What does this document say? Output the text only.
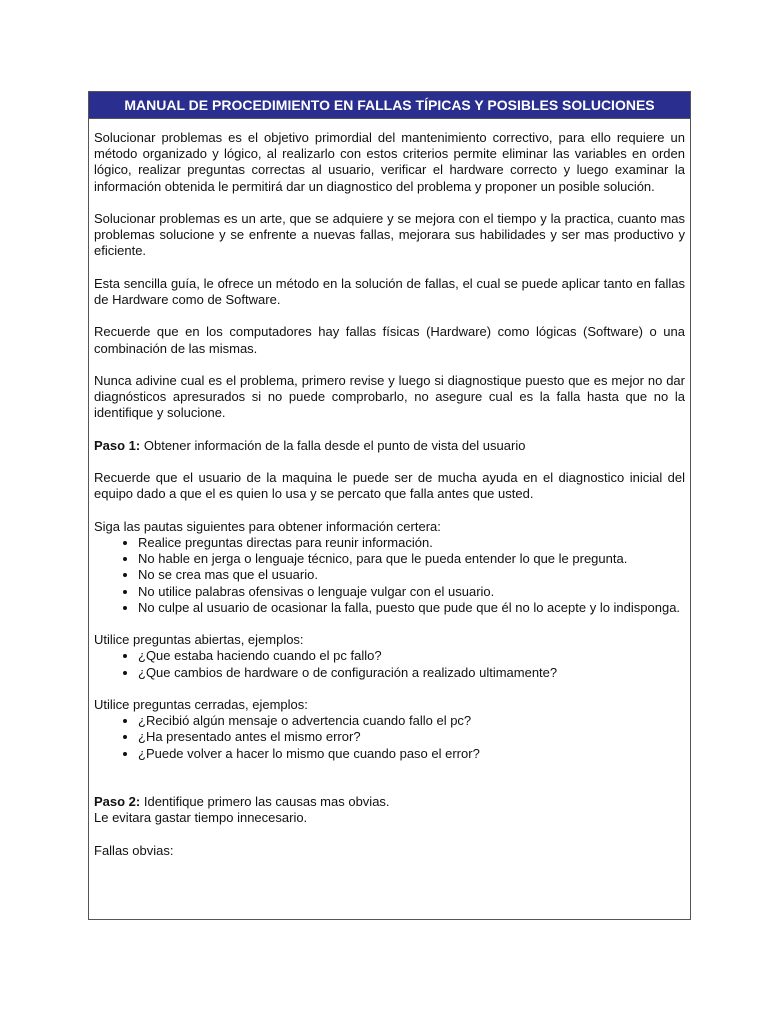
MANUAL DE PROCEDIMIENTO EN FALLAS TÍPICAS Y POSIBLES SOLUCIONES

Solucionar problemas es el objetivo primordial del mantenimiento correctivo, para ello requiere un método organizado y lógico, al realizarlo con estos criterios permite eliminar las variables en orden lógico, realizar preguntas correctas al usuario, verificar el hardware correcto y luego examinar la información obtenida le permitirá dar un diagnostico del problema y proponer un posible solución.

Solucionar problemas es un arte, que se adquiere y se mejora con el tiempo y la practica, cuanto mas problemas solucione y se enfrente a nuevas fallas, mejorara sus habilidades y ser mas productivo y eficiente.

Esta sencilla guía, le ofrece un método en la solución de fallas, el cual se puede aplicar tanto en fallas de Hardware como de Software.

Recuerde que en los computadores hay fallas físicas (Hardware) como lógicas (Software) o una combinación de las mismas.

Nunca adivine cual es el problema, primero revise y luego si diagnostique puesto que es mejor no dar diagnósticos apresurados si no puede comprobarlo, no asegure cual es la falla hasta que no la identifique y solucione.

Paso 1: Obtener información de la falla desde el punto de vista del usuario

Recuerde que el usuario de la maquina le puede ser de mucha ayuda en el diagnostico inicial del equipo dado a que el es quien lo usa y se percato que falla antes que usted.

Siga las pautas siguientes para obtener información certera:

• Realice preguntas directas para reunir información.
• No hable en jerga o lenguaje técnico, para que le pueda entender lo que le pregunta.
• No se crea mas que el usuario.
• No utilice palabras ofensivas o lenguaje vulgar con el usuario.
• No culpe al usuario de ocasionar la falla, puesto que pude que él no lo acepte y lo indisponga.

Utilice preguntas abiertas, ejemplos:

• ¿Que estaba haciendo cuando el pc fallo?
• ¿Que cambios de hardware o de configuración a realizado ultimamente?

Utilice preguntas cerradas, ejemplos:

• ¿Recibió algún mensaje o advertencia cuando fallo el pc?
• ¿Ha presentado antes el mismo error?
• ¿Puede volver a hacer lo mismo que cuando paso el error?

Paso 2: Identifique primero las causas mas obvias.

Le evitara gastar tiempo innecesario.

Fallas obvias:
